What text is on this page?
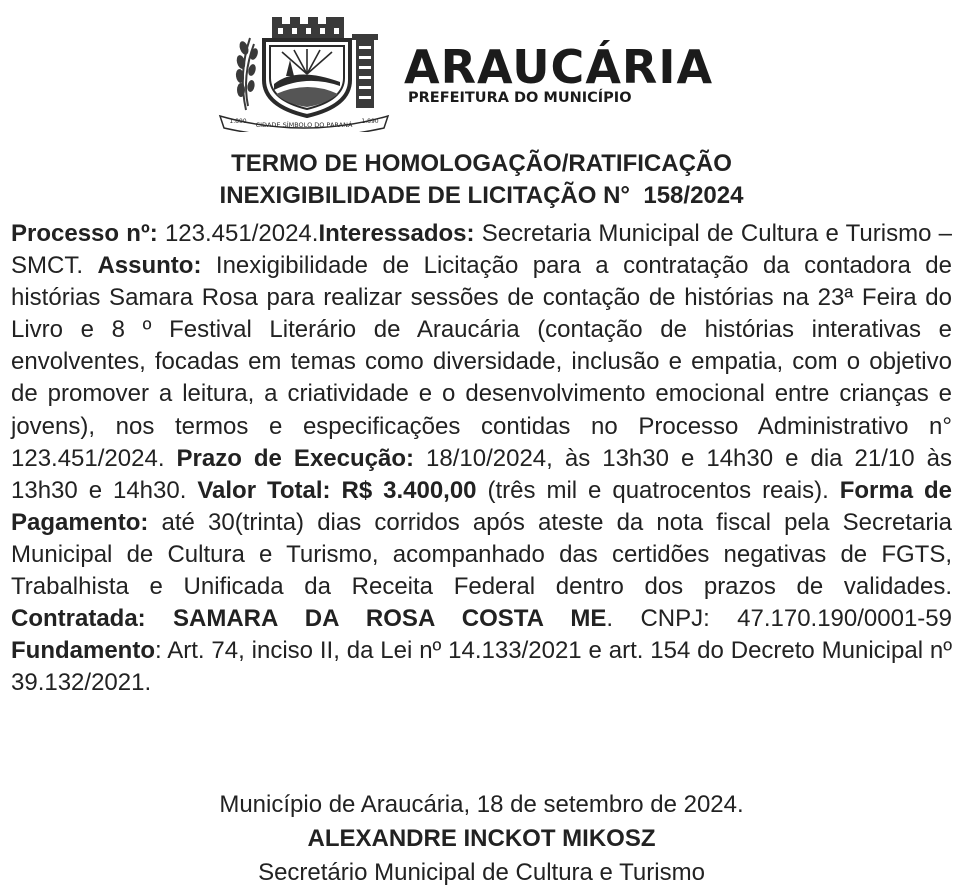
CIDADE SÍMBOLO DO PARANÁ
1.890	1.890
ARAUCÁRIA
PREFEITURA DO MUNICÍPIO
TERMO DE HOMOLOGAÇÃO/RATIFICAÇÃO
INEXIGIBILIDADE DE LICITAÇÃO N°  158/2024
Processo nº: 123.451/2024.Interessados: Secretaria Municipal de Cultura e Turismo – SMCT. Assunto: Inexigibilidade de Licitação para a contratação da contadora de histórias Samara Rosa para realizar sessões de contação de histórias na 23ª Feira do Livro e 8 º Festival Literário de Araucária (contação de histórias interativas e envolventes, focadas em temas como diversidade, inclusão e empatia, com o objetivo de promover a leitura, a criatividade e o desenvolvimento emocional entre crianças e jovens), nos termos e especificações contidas no Processo Administrativo n° 123.451/2024. Prazo de Execução: 18/10/2024, às 13h30 e 14h30 e dia 21/10 às 13h30 e 14h30. Valor Total: R$ 3.400,00 (três mil e quatrocentos reais). Forma de Pagamento: até 30(trinta) dias corridos após ateste da nota fiscal pela Secretaria Municipal de Cultura e Turismo, acompanhado das certidões negativas de FGTS, Trabalhista e Unificada da Receita Federal dentro dos prazos de validades. Contratada: SAMARA DA ROSA COSTA ME. CNPJ: 47.170.190/0001-59 Fundamento: Art. 74, inciso II, da Lei nº 14.133/2021 e art. 154 do Decreto Municipal nº 39.132/2021.
Município de Araucária, 18 de setembro de 2024.
ALEXANDRE INCKOT MIKOSZ
Secretário Municipal de Cultura e Turismo
